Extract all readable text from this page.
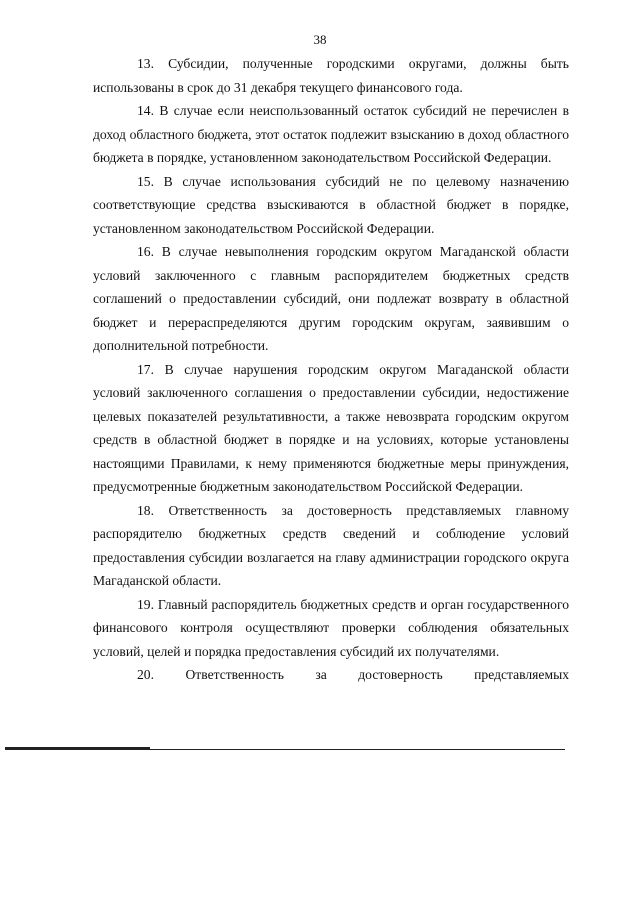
38

13. Субсидии, полученные городскими округами, должны быть использованы в срок до 31 декабря текущего финансового года.

14. В случае если неиспользованный остаток субсидий не перечислен в доход областного бюджета, этот остаток подлежит взысканию в доход областного бюджета в порядке, установленном законодательством Российской Федерации.

15. В случае использования субсидий не по целевому назначению соответствующие средства взыскиваются в областной бюджет в порядке, установленном законодательством Российской Федерации.

16. В случае невыполнения городским округом Магаданской области условий заключенного с главным распорядителем бюджетных средств соглашений о предоставлении субсидий, они подлежат возврату в областной бюджет и перераспределяются другим городским округам, заявившим о дополнительной потребности.

17. В случае нарушения городским округом Магаданской области условий заключенного соглашения о предоставлении субсидии, недостижение целевых показателей результативности, а также невозврата городским округом средств в областной бюджет в порядке и на условиях, которые установлены настоящими Правилами, к нему применяются бюджетные меры принуждения, предусмотренные бюджетным законодательством Российской Федерации.

18. Ответственность за достоверность представляемых главному распорядителю бюджетных средств сведений и соблюдение условий предоставления субсидии возлагается на главу администрации городского округа Магаданской области.

19. Главный распорядитель бюджетных средств и орган государственного финансового контроля осуществляют проверки соблюдения обязательных условий, целей и порядка предоставления субсидий их получателями.

20. Ответственность за достоверность представляемых
